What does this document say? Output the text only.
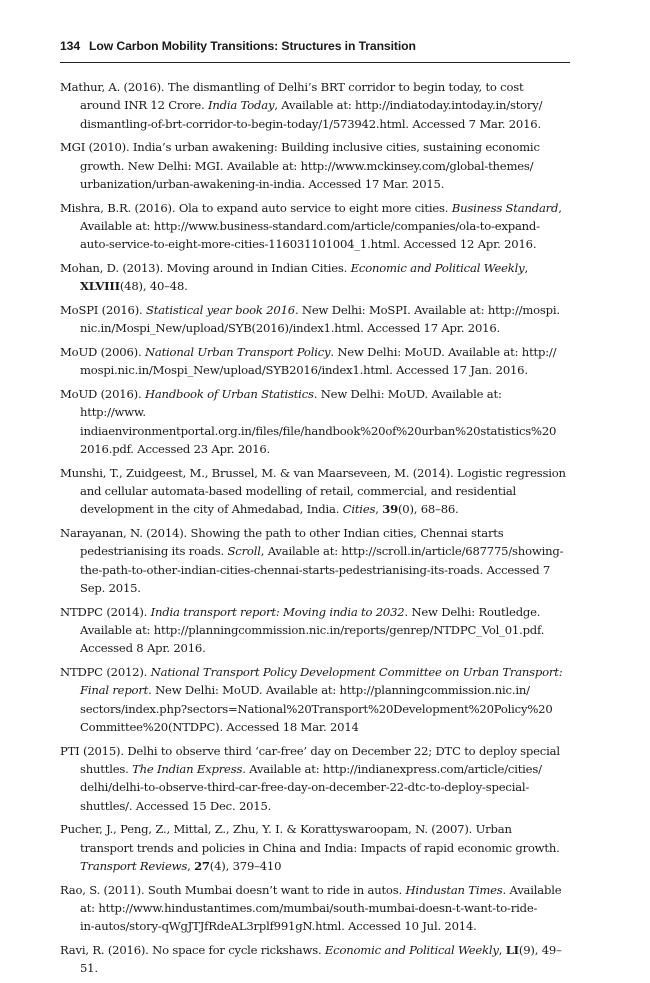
134 Low Carbon Mobility Transitions: Structures in Transition
Mathur, A. (2016). The dismantling of Delhi’s BRT corridor to begin today, to cost
around INR 12 Crore. India Today, Available at: http://indiatoday.intoday.in/story/
dismantling-of-brt-corridor-to-begin-today/1/573942.html. Accessed 7 Mar. 2016.
MGI (2010). India’s urban awakening: Building inclusive cities, sustaining economic
growth. New Delhi: MGI. Available at: http://www.mckinsey.com/global-themes/
urbanization/urban-awakening-in-india. Accessed 17 Mar. 2015.
Mishra, B.R. (2016). Ola to expand auto service to eight more cities. Business Standard,
Available at: http://www.business-standard.com/article/companies/ola-to-expand-
auto-service-to-eight-more-cities-116031101004_1.html. Accessed 12 Apr. 2016.
Mohan, D. (2013). Moving around in Indian Cities. Economic and Political Weekly,
XLVIII(48), 40–48.
MoSPI (2016). Statistical year book 2016. New Delhi: MoSPI. Available at: http://mospi.
nic.in/Mospi_New/upload/SYB(2016)/index1.html. Accessed 17 Apr. 2016.
MoUD (2006). National Urban Transport Policy. New Delhi: MoUD. Available at: http://
mospi.nic.in/Mospi_New/upload/SYB2016/index1.html. Accessed 17 Jan. 2016.
MoUD (2016). Handbook of Urban Statistics. New Delhi: MoUD. Available at: http://www.
indiaenvironmentportal.org.in/files/file/handbook%20of%20urban%20statistics%20
2016.pdf. Accessed 23 Apr. 2016.
Munshi, T., Zuidgeest, M., Brussel, M. & van Maarseveen, M. (2014). Logistic regression
and cellular automata-based modelling of retail, commercial, and residential
development in the city of Ahmedabad, India. Cities, 39(0), 68–86.
Narayanan, N. (2014). Showing the path to other Indian cities, Chennai starts
pedestrianising its roads. Scroll, Available at: http://scroll.in/article/687775/showing-
the-path-to-other-indian-cities-chennai-starts-pedestrianising-its-roads. Accessed 7
Sep. 2015.
NTDPC (2014). India transport report: Moving india to 2032. New Delhi: Routledge.
Available at: http://planningcommission.nic.in/reports/genrep/NTDPC_Vol_01.pdf.
Accessed 8 Apr. 2016.
NTDPC (2012). National Transport Policy Development Committee on Urban Transport:
Final report. New Delhi: MoUD. Available at: http://planningcommission.nic.in/
sectors/index.php?sectors=National%20Transport%20Development%20Policy%20
Committee%20(NTDPC). Accessed 18 Mar. 2014
PTI (2015). Delhi to observe third ‘car-free’ day on December 22; DTC to deploy special
shuttles. The Indian Express. Available at: http://indianexpress.com/article/cities/
delhi/delhi-to-observe-third-car-free-day-on-december-22-dtc-to-deploy-special-
shuttles/. Accessed 15 Dec. 2015.
Pucher, J., Peng, Z., Mittal, Z., Zhu, Y. I. & Korattyswaroopam, N. (2007). Urban
transport trends and policies in China and India: Impacts of rapid economic growth.
Transport Reviews, 27(4), 379–410
Rao, S. (2011). South Mumbai doesn’t want to ride in autos. Hindustan Times. Available
at: http://www.hindustantimes.com/mumbai/south-mumbai-doesn-t-want-to-ride-
in-autos/story-qWgJTJfRdeAL3rplf991gN.html. Accessed 10 Jul. 2014.
Ravi, R. (2016). No space for cycle rickshaws. Economic and Political Weekly, LI(9), 49–51.
